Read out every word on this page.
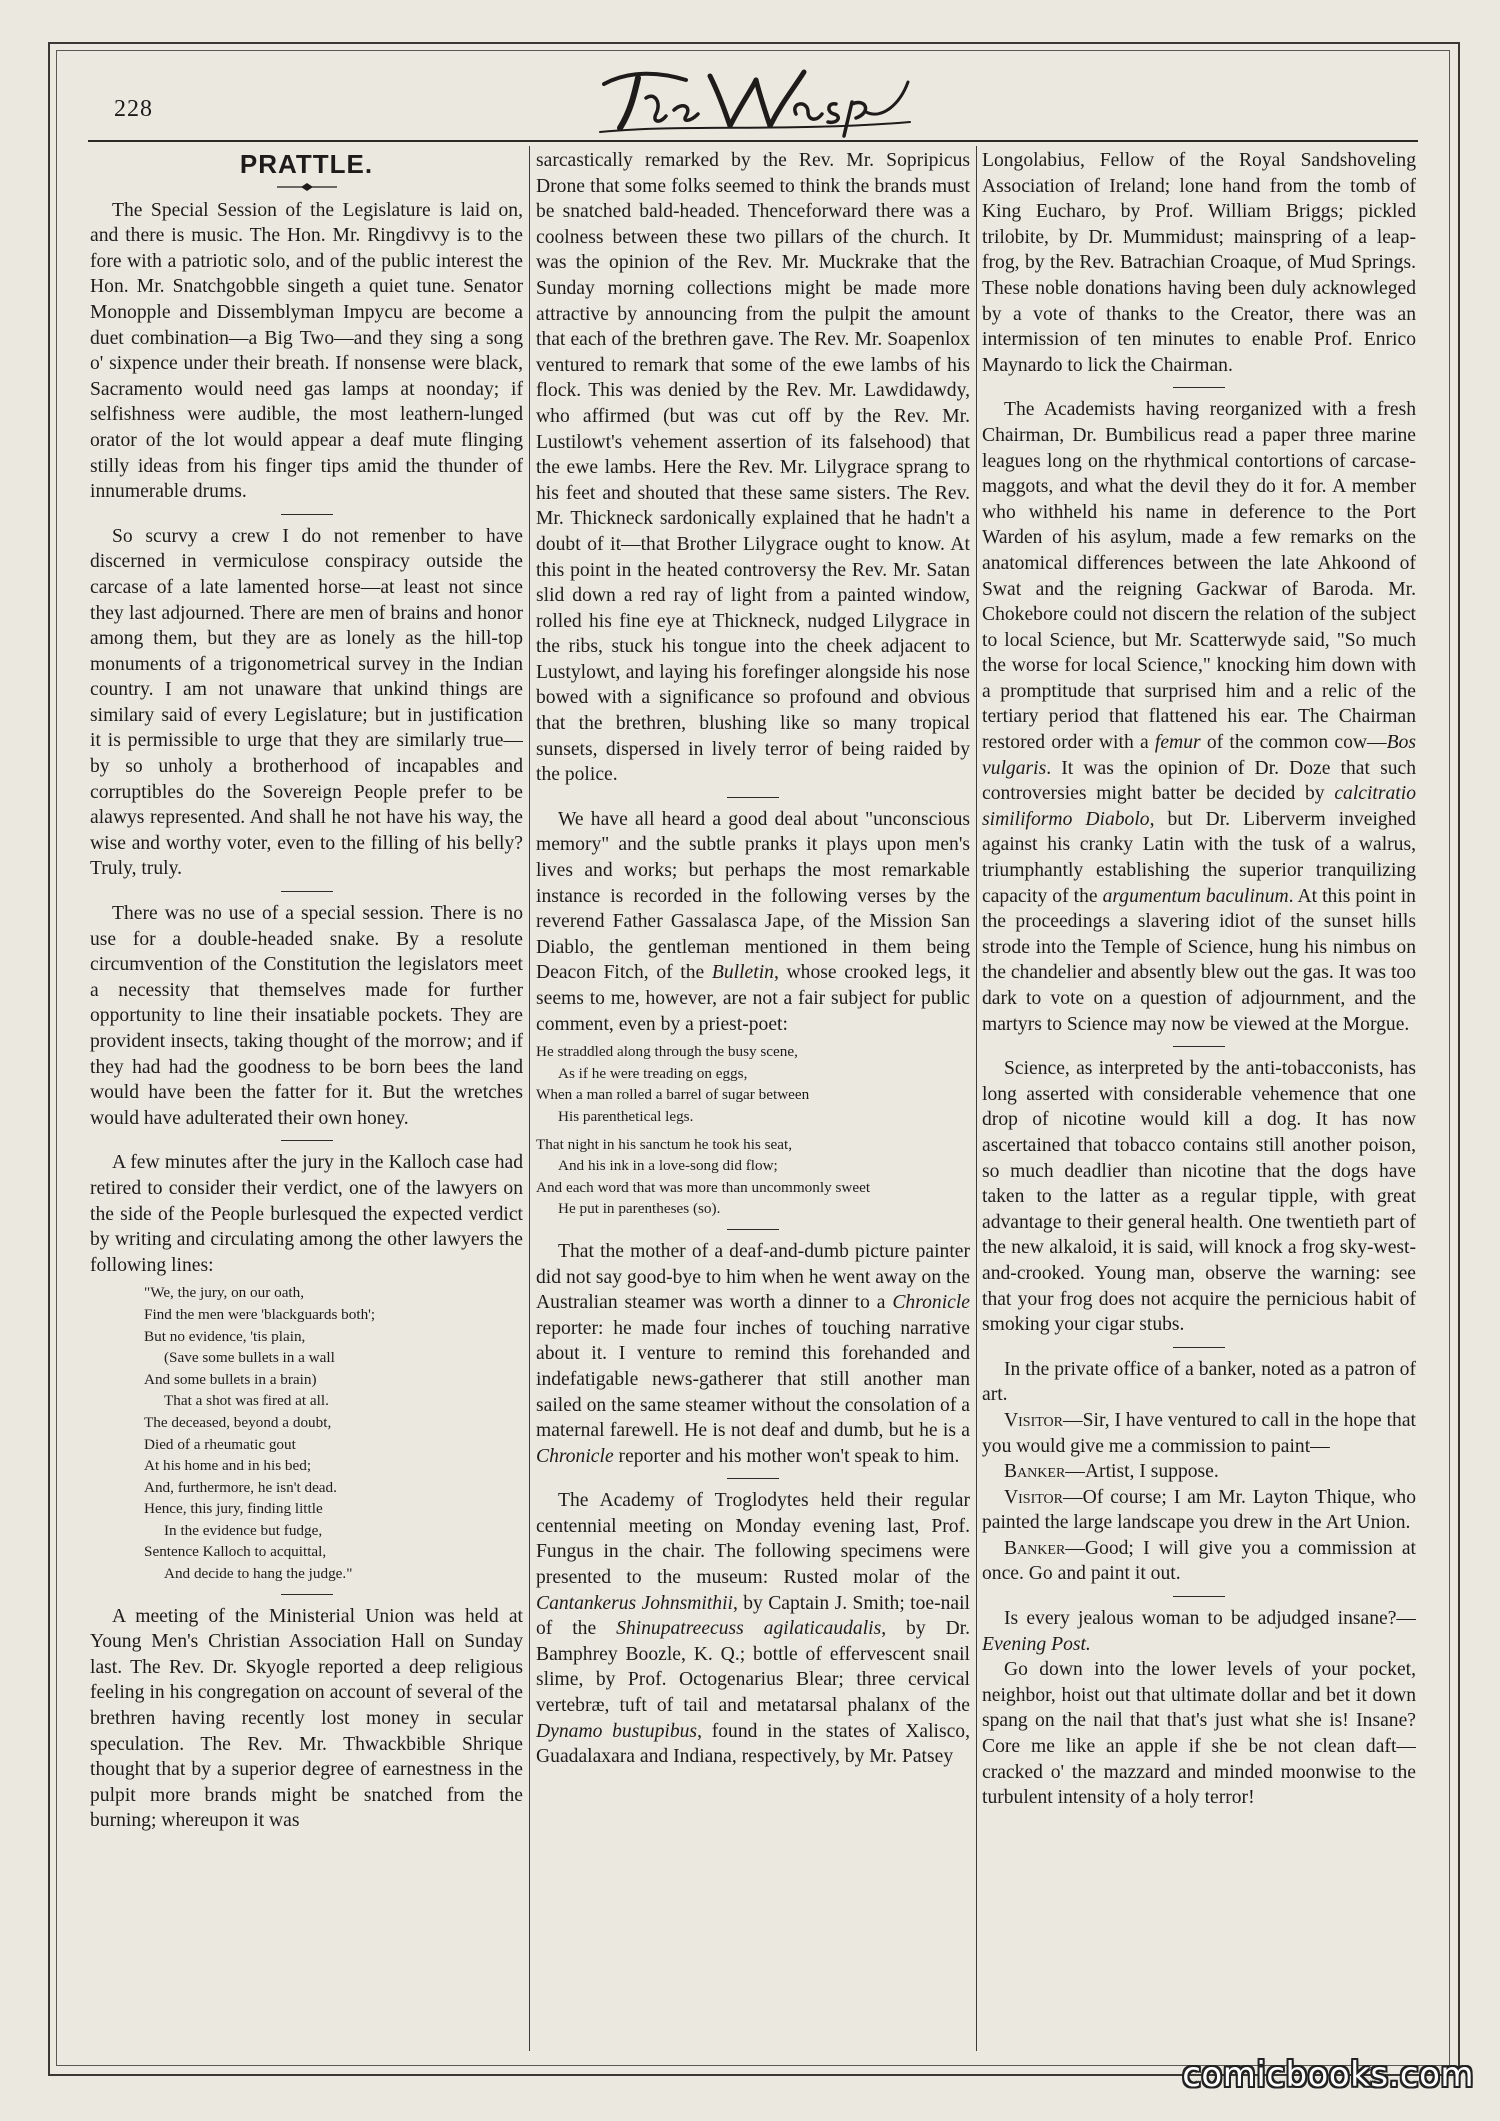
228
PRATTLE.

The Special Session of the Legislature is laid on, and there is music. The Hon. Mr. Ringdivvy is to the fore with a patriotic solo, and of the public interest the Hon. Mr. Snatchgobble singeth a quiet tune. Senator Monopple and Dissemblyman Impycu are become a duet combination—a Big Two—and they sing a song o' sixpence under their breath. If nonsense were black, Sacramento would need gas lamps at noonday; if selfishness were audible, the most leathern-lunged orator of the lot would appear a deaf mute flinging stilly ideas from his finger tips amid the thunder of innumerable drums.

So scurvy a crew I do not remenber to have discerned in vermiculose conspiracy outside the carcase of a late lamented horse—at least not since they last adjourned. There are men of brains and honor among them, but they are as lonely as the hill-top monuments of a trigonometrical survey in the Indian country. I am not unaware that unkind things are similary said of every Legislature; but in justification it is permissible to urge that they are similarly true—by so unholy a brotherhood of incapables and corruptibles do the Sovereign People prefer to be alawys represented. And shall he not have his way, the wise and worthy voter, even to the filling of his belly? Truly, truly.

There was no use of a special session. There is no use for a double-headed snake. By a resolute circumvention of the Constitution the legislators meet a necessity that themselves made for further opportunity to line their insatiable pockets. They are provident insects, taking thought of the morrow; and if they had had the goodness to be born bees the land would have been the fatter for it. But the wretches would have adulterated their own honey.

A few minutes after the jury in the Kalloch case had retired to consider their verdict, one of the lawyers on the side of the People burlesqued the expected verdict by writing and circulating among the other lawyers the following lines:

"We, the jury, on our oath,
Find the men were 'blackguards both';
But no evidence, 'tis plain,
(Save some bullets in a wall
And some bullets in a brain)
That a shot was fired at all.
The deceased, beyond a doubt,
Died of a rheumatic gout
At his home and in his bed;
And, furthermore, he isn't dead.
Hence, this jury, finding little
In the evidence but fudge,
Sentence Kalloch to acquittal,
And decide to hang the judge."

A meeting of the Ministerial Union was held at Young Men's Christian Association Hall on Sunday last. The Rev. Dr. Skyogle reported a deep religious feeling in his congregation on account of several of the brethren having recently lost money in secular speculation. The Rev. Mr. Thwackbible Shrique thought that by a superior degree of earnestness in the pulpit more brands might be snatched from the burning; whereupon it was

sarcastically remarked by the Rev. Mr. Sopripicus Drone that some folks seemed to think the brands must be snatched bald-headed. Thenceforward there was a coolness between these two pillars of the church. It was the opinion of the Rev. Mr. Muckrake that the Sunday morning collections might be made more attractive by announcing from the pulpit the amount that each of the brethren gave. The Rev. Mr. Soapenlox ventured to remark that some of the ewe lambs of his flock. This was denied by the Rev. Mr. Lawdidawdy, who affirmed (but was cut off by the Rev. Mr. Lustilowt's vehement assertion of its falsehood) that the ewe lambs. Here the Rev. Mr. Lilygrace sprang to his feet and shouted that these same sisters. The Rev. Mr. Thickneck sardonically explained that he hadn't a doubt of it—that Brother Lilygrace ought to know. At this point in the heated controversy the Rev. Mr. Satan slid down a red ray of light from a painted window, rolled his fine eye at Thickneck, nudged Lilygrace in the ribs, stuck his tongue into the cheek adjacent to Lustylowt, and laying his forefinger alongside his nose bowed with a significance so profound and obvious that the brethren, blushing like so many tropical sunsets, dispersed in lively terror of being raided by the police.

We have all heard a good deal about "unconscious memory" and the subtle pranks it plays upon men's lives and works; but perhaps the most remarkable instance is recorded in the following verses by the reverend Father Gassalasca Jape, of the Mission San Diablo, the gentleman mentioned in them being Deacon Fitch, of the Bulletin, whose crooked legs, it seems to me, however, are not a fair subject for public comment, even by a priest-poet:

He straddled along through the busy scene,
As if he were treading on eggs,
When a man rolled a barrel of sugar between
His parenthetical legs.
That night in his sanctum he took his seat,
And his ink in a love-song did flow;
And each word that was more than uncommonly sweet
He put in parentheses (so).

That the mother of a deaf-and-dumb picture painter did not say good-bye to him when he went away on the Australian steamer was worth a dinner to a Chronicle reporter: he made four inches of touching narrative about it. I venture to remind this forehanded and indefatigable news-gatherer that still another man sailed on the same steamer without the consolation of a maternal farewell. He is not deaf and dumb, but he is a Chronicle reporter and his mother won't speak to him.

The Academy of Troglodytes held their regular centennial meeting on Monday evening last, Prof. Fungus in the chair. The following specimens were presented to the museum: Rusted molar of the Cantankerus Johnsmithii, by Captain J. Smith; toe-nail of the Shinupatreecuss agilaticaudalis, by Dr. Bamphrey Boozle, K. Q.; bottle of effervescent snail slime, by Prof. Octogenarius Blear; three cervical vertebræ, tuft of tail and metatarsal phalanx of the Dynamo bustupibus, found in the states of Xalisco, Guadalaxara and Indiana, respectively, by Mr. Patsey

Longolabius, Fellow of the Royal Sandshoveling Association of Ireland; lone hand from the tomb of King Eucharo, by Prof. William Briggs; pickled trilobite, by Dr. Mummidust; mainspring of a leap-frog, by the Rev. Batrachian Croaque, of Mud Springs. These noble donations having been duly acknowleged by a vote of thanks to the Creator, there was an intermission of ten minutes to enable Prof. Enrico Maynardo to lick the Chairman.

The Academists having reorganized with a fresh Chairman, Dr. Bumbilicus read a paper three marine leagues long on the rhythmical contortions of carcase-maggots, and what the devil they do it for. A member who withheld his name in deference to the Port Warden of his asylum, made a few remarks on the anatomical differences between the late Ahkoond of Swat and the reigning Gackwar of Baroda. Mr. Chokebore could not discern the relation of the subject to local Science, but Mr. Scatterwyde said, "So much the worse for local Science," knocking him down with a promptitude that surprised him and a relic of the tertiary period that flattened his ear. The Chairman restored order with a femur of the common cow—Bos vulgaris. It was the opinion of Dr. Doze that such controversies might batter be decided by calcitratio similiformo Diabolo, but Dr. Liberverm inveighed against his cranky Latin with the tusk of a walrus, triumphantly establishing the superior tranquilizing capacity of the argumentum baculinum. At this point in the proceedings a slavering idiot of the sunset hills strode into the Temple of Science, hung his nimbus on the chandelier and absently blew out the gas. It was too dark to vote on a question of adjournment, and the martyrs to Science may now be viewed at the Morgue.

Science, as interpreted by the anti-tobacconists, has long asserted with considerable vehemence that one drop of nicotine would kill a dog. It has now ascertained that tobacco contains still another poison, so much deadlier than nicotine that the dogs have taken to the latter as a regular tipple, with great advantage to their general health. One twentieth part of the new alkaloid, it is said, will knock a frog sky-west-and-crooked. Young man, observe the warning: see that your frog does not acquire the pernicious habit of smoking your cigar stubs.

In the private office of a banker, noted as a patron of art.

Visitor—Sir, I have ventured to call in the hope that you would give me a commission to paint—

Banker—Artist, I suppose.

Visitor—Of course; I am Mr. Layton Thique, who painted the large landscape you drew in the Art Union.

Banker—Good; I will give you a commission at once. Go and paint it out.

Is every jealous woman to be adjudged insane?—Evening Post.

Go down into the lower levels of your pocket, neighbor, hoist out that ultimate dollar and bet it down spang on the nail that that's just what she is! Insane? Core me like an apple if she be not clean daft—cracked o' the mazzard and minded moonwise to the turbulent intensity of a holy terror!

comicbooks.com
